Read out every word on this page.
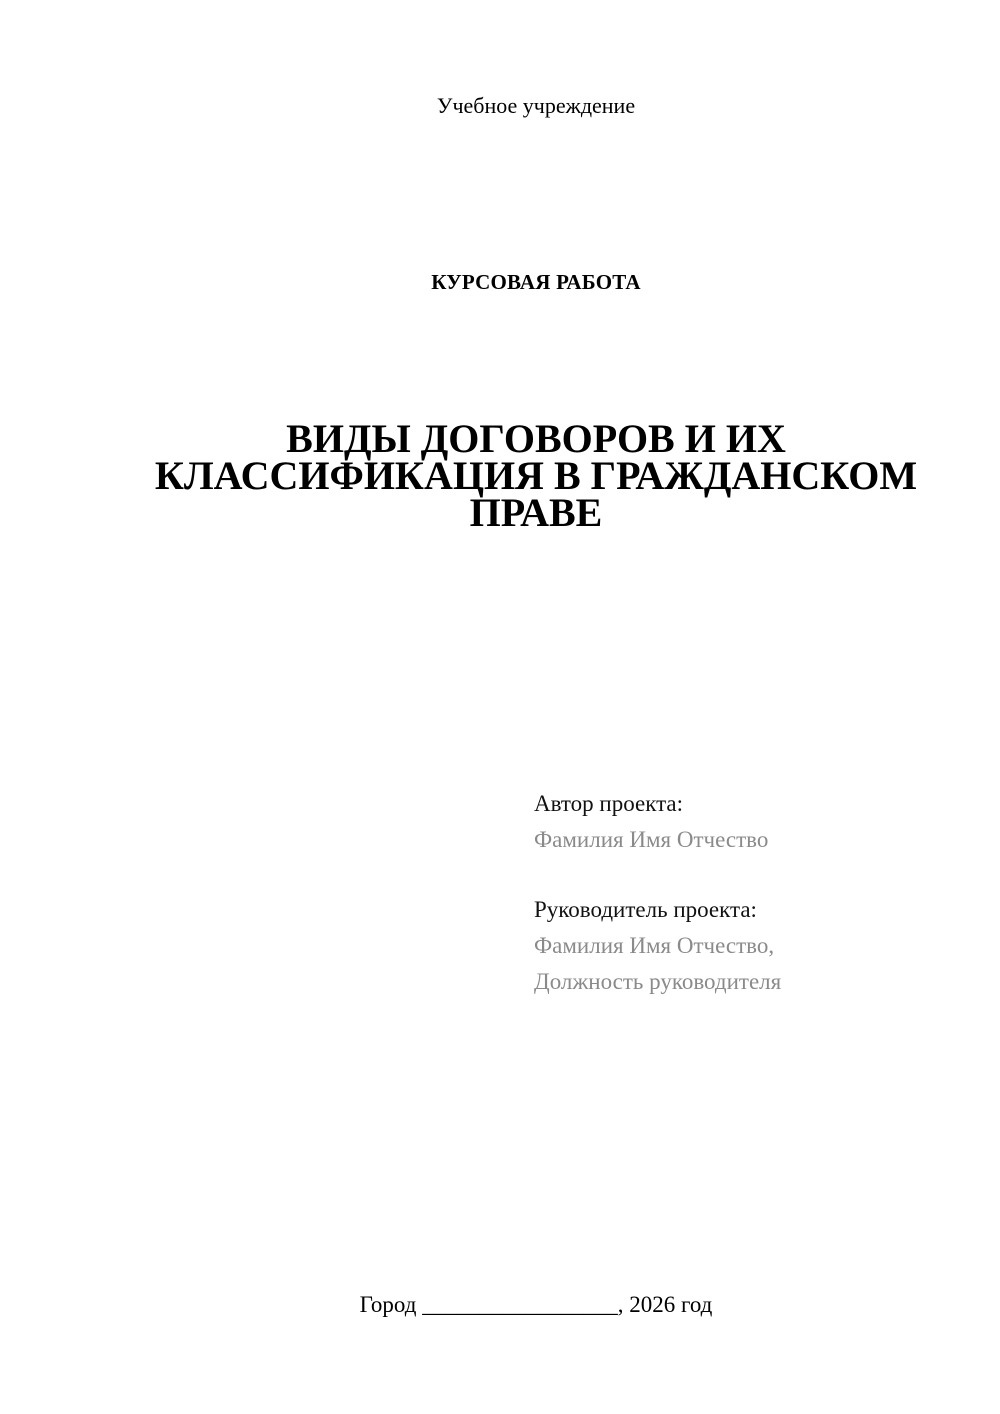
Учебное учреждение
КУРСОВАЯ РАБОТА
ВИДЫ ДОГОВОРОВ И ИХ
КЛАССИФИКАЦИЯ В ГРАЖДАНСКОМ
ПРАВЕ
Автор проекта:
Фамилия Имя Отчество
Руководитель проекта:
Фамилия Имя Отчество,
Должность руководителя
Город _________________, 2026 год
